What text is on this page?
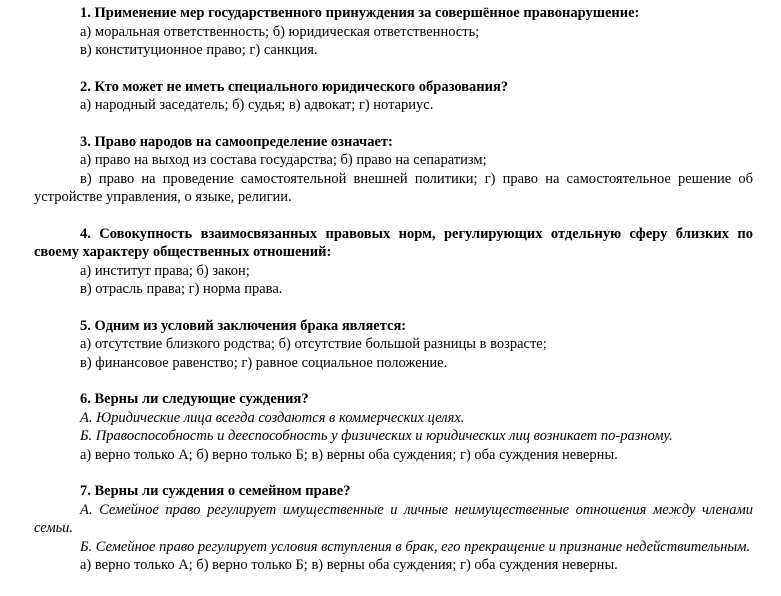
1. Применение мер государственного принуждения за совершённое правонарушение:
а) моральная ответственность; б) юридическая ответственность;
в) конституционное право; г) санкция.
2. Кто может не иметь специального юридического образования?
а) народный заседатель; б) судья; в) адвокат; г) нотариус.
3. Право народов на самоопределение означает:
а) право на выход из состава государства; б) право на сепаратизм;
в) право на проведение самостоятельной внешней политики; г) право на самостоятельное решение об устройстве управления, о языке, религии.
4. Совокупность взаимосвязанных правовых норм, регулирующих отдельную сферу близких по своему характеру общественных отношений:
а) институт права; б) закон;
в) отрасль права; г) норма права.
5. Одним из условий заключения брака является:
а) отсутствие близкого родства; б) отсутствие большой разницы в возрасте;
в) финансовое равенство; г) равное социальное положение.
6. Верны ли следующие суждения?
А. Юридические лица всегда создаются в коммерческих целях.
Б. Правоспособность и дееспособность у физических и юридических лиц возникает по-разному.
а) верно только А; б) верно только Б; в) верны оба суждения; г) оба суждения неверны.
7. Верны ли суждения о семейном праве?
А. Семейное право регулирует имущественные и личные неимущественные отношения между членами семьи.
Б. Семейное право регулирует условия вступления в брак, его прекращение и признание недействительным.
а) верно только А; б) верно только Б; в) верны оба суждения; г) оба суждения неверны.
